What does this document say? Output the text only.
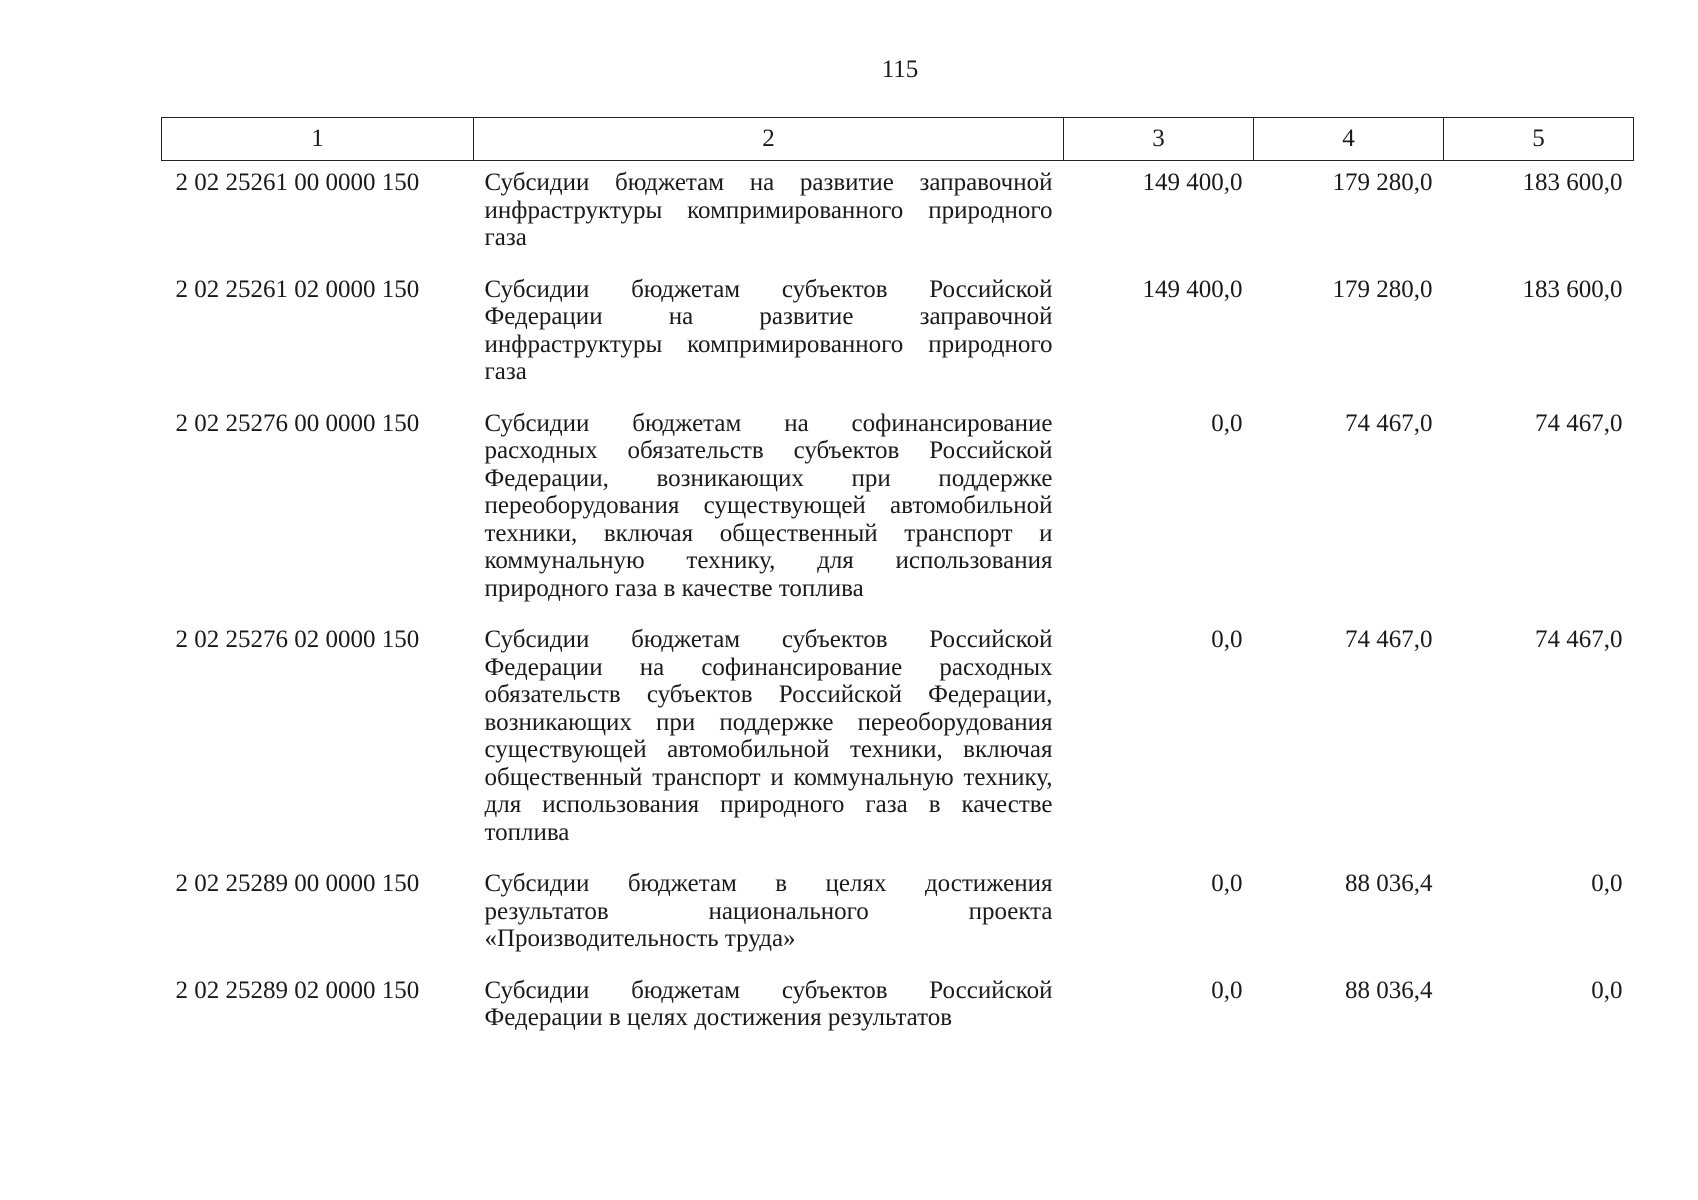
115
1	2	3	4	5
2 02 25261 00 0000 150	Субсидии бюджетам на развитие заправочной инфраструктуры компримированного природного газа	149 400,0	179 280,0	183 600,0
2 02 25261 02 0000 150	Субсидии бюджетам субъектов Российской Федерации на развитие заправочной инфраструктуры компримированного природного газа	149 400,0	179 280,0	183 600,0
2 02 25276 00 0000 150	Субсидии бюджетам на софинансирование расходных обязательств субъектов Российской Федерации, возникающих при поддержке переоборудования существующей автомобильной техники, включая общественный транспорт и коммунальную технику, для использования природного газа в качестве топлива	0,0	74 467,0	74 467,0
2 02 25276 02 0000 150	Субсидии бюджетам субъектов Российской Федерации на софинансирование расходных обязательств субъектов Российской Федерации, возникающих при поддержке переоборудования существующей автомобильной техники, включая общественный транспорт и коммунальную технику, для использования природного газа в качестве топлива	0,0	74 467,0	74 467,0
2 02 25289 00 0000 150	Субсидии бюджетам в целях достижения результатов национального проекта «Производительность труда»	0,0	88 036,4	0,0
2 02 25289 02 0000 150	Субсидии бюджетам субъектов Российской Федерации в целях достижения результатов	0,0	88 036,4	0,0
